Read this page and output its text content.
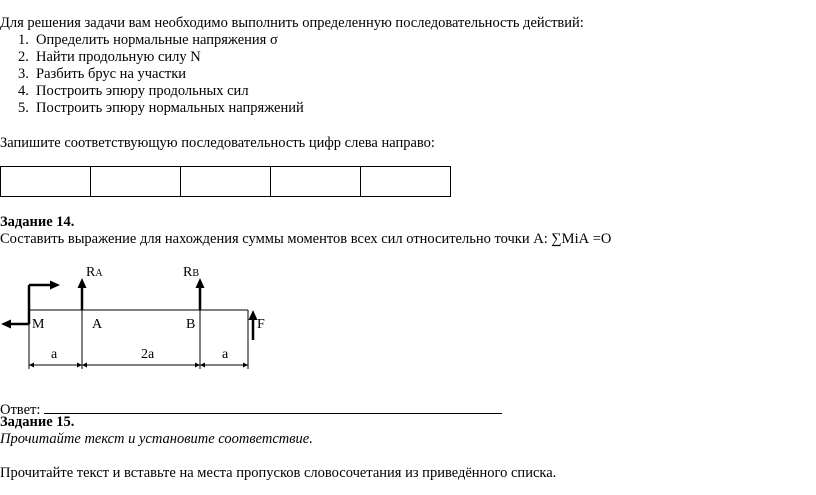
Для решения задачи вам необходимо выполнить определенную последовательность действий:
1. Определить нормальные напряжения σ
2. Найти продольную силу N
3. Разбить брус на участки
4. Построить эпюру продольных сил
5. Построить эпюру нормальных напряжений
Запишите соответствующую последовательность цифр слева направо:

Задание 14.
Составить выражение для нахождения суммы моментов всех сил относительно точки А: ∑МiА =О
RA	RB
M	A	B	F
a	2a	a
Ответ:
Задание 15.
Прочитайте текст и установите соответствие.
Прочитайте текст и вставьте на места пропусков словосочетания из приведённого списка.
